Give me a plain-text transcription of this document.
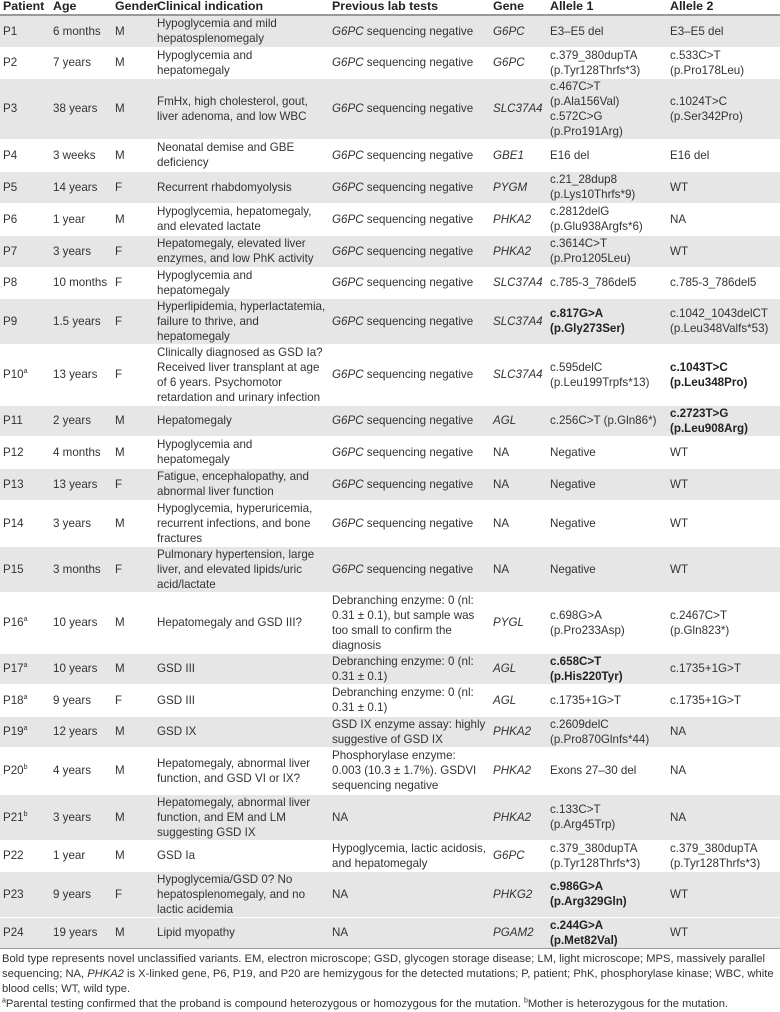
Patient	Age	Gender	Clinical indication	Previous lab tests	Gene	Allele 1	Allele 2
P1	6 months	M	Hypoglycemia and mild hepatosplenomegaly	G6PC sequencing negative	G6PC	E3–E5 del	E3–E5 del
P2	7 years	M	Hypoglycemia and hepatomegaly	G6PC sequencing negative	G6PC	c.379_380dupTA (p.Tyr128Thrfs*3)	c.533C>T (p.Pro178Leu)
P3	38 years	M	FmHx, high cholesterol, gout, liver adenoma, and low WBC	G6PC sequencing negative	SLC37A4	c.467C>T (p.Ala156Val) c.572C>G (p.Pro191Arg)	c.1024T>C (p.Ser342Pro)
P4	3 weeks	M	Neonatal demise and GBE deficiency	G6PC sequencing negative	GBE1	E16 del	E16 del
P5	14 years	F	Recurrent rhabdomyolysis	G6PC sequencing negative	PYGM	c.21_28dup8 (p.Lys10Thrfs*9)	WT
P6	1 year	M	Hypoglycemia, hepatomegaly, and elevated lactate	G6PC sequencing negative	PHKA2	c.2812delG (p.Glu938Argfs*6)	NA
P7	3 years	F	Hepatomegaly, elevated liver enzymes, and low PhK activity	G6PC sequencing negative	PHKA2	c.3614C>T (p.Pro1205Leu)	WT
P8	10 months	F	Hypoglycemia and hepatomegaly	G6PC sequencing negative	SLC37A4	c.785-3_786del5	c.785-3_786del5
P9	1.5 years	F	Hyperlipidemia, hyperlactatemia, failure to thrive, and hepatomegaly	G6PC sequencing negative	SLC37A4	c.817G>A (p.Gly273Ser)	c.1042_1043delCT (p.Leu348Valfs*53)
P10$^a$	13 years	F	Clinically diagnosed as GSD Ia? Received liver transplant at age of 6 years. Psychomotor retardation and urinary infection	G6PC sequencing negative	SLC37A4	c.595delC (p.Leu199Trpfs*13)	c.1043T>C (p.Leu348Pro)
P11	2 years	M	Hepatomegaly	G6PC sequencing negative	AGL	c.256C>T (p.Gln86*)	c.2723T>G (p.Leu908Arg)
P12	4 months	M	Hypoglycemia and hepatomegaly	G6PC sequencing negative	NA	Negative	WT
P13	13 years	F	Fatigue, encephalopathy, and abnormal liver function	G6PC sequencing negative	NA	Negative	WT
P14	3 years	M	Hypoglycemia, hyperuricemia, recurrent infections, and bone fractures	G6PC sequencing negative	NA	Negative	WT
P15	3 months	F	Pulmonary hypertension, large liver, and elevated lipids/uric acid/lactate	G6PC sequencing negative	NA	Negative	WT
P16$^a$	10 years	M	Hepatomegaly and GSD III?	Debranching enzyme: 0 (nl: 0.31 ± 0.1), but sample was too small to confirm the diagnosis	PYGL	c.698G>A (p.Pro233Asp)	c.2467C>T (p.Gln823*)
P17$^a$	10 years	M	GSD III	Debranching enzyme: 0 (nl: 0.31 ± 0.1)	AGL	c.658C>T (p.His220Tyr)	c.1735+1G>T
P18$^a$	9 years	F	GSD III	Debranching enzyme: 0 (nl: 0.31 ± 0.1)	AGL	c.1735+1G>T	c.1735+1G>T
P19$^a$	12 years	M	GSD IX	GSD IX enzyme assay: highly suggestive of GSD IX	PHKA2	c.2609delC (p.Pro870Glnfs*44)	NA
P20$^b$	4 years	M	Hepatomegaly, abnormal liver function, and GSD VI or IX?	Phosphorylase enzyme: 0.003 (10.3 ± 1.7%). GSDVI sequencing negative	PHKA2	Exons 27–30 del	NA
P21$^b$	3 years	M	Hepatomegaly, abnormal liver function, and EM and LM suggesting GSD IX	NA	PHKA2	c.133C>T (p.Arg45Trp)	NA
P22	1 year	M	GSD Ia	Hypoglycemia, lactic acidosis, and hepatomegaly	G6PC	c.379_380dupTA (p.Tyr128Thrfs*3)	c.379_380dupTA (p.Tyr128Thrfs*3)
P23	9 years	F	Hypoglycemia/GSD 0? No hepatosplenomegaly, and no lactic acidemia	NA	PHKG2	c.986G>A (p.Arg329Gln)	WT
P24	19 years	M	Lipid myopathy	NA	PGAM2	c.244G>A (p.Met82Val)	WT

Bold type represents novel unclassified variants. EM, electron microscope; GSD, glycogen storage disease; LM, light microscope; MPS, massively parallel sequencing; NA, PHKA2 is X-linked gene, P6, P19, and P20 are hemizygous for the detected mutations; P, patient; PhK, phosphorylase kinase; WBC, white blood cells; WT, wild type.

$^a$Parental testing confirmed that the proband is compound heterozygous or homozygous for the mutation. $^b$Mother is heterozygous for the mutation.
